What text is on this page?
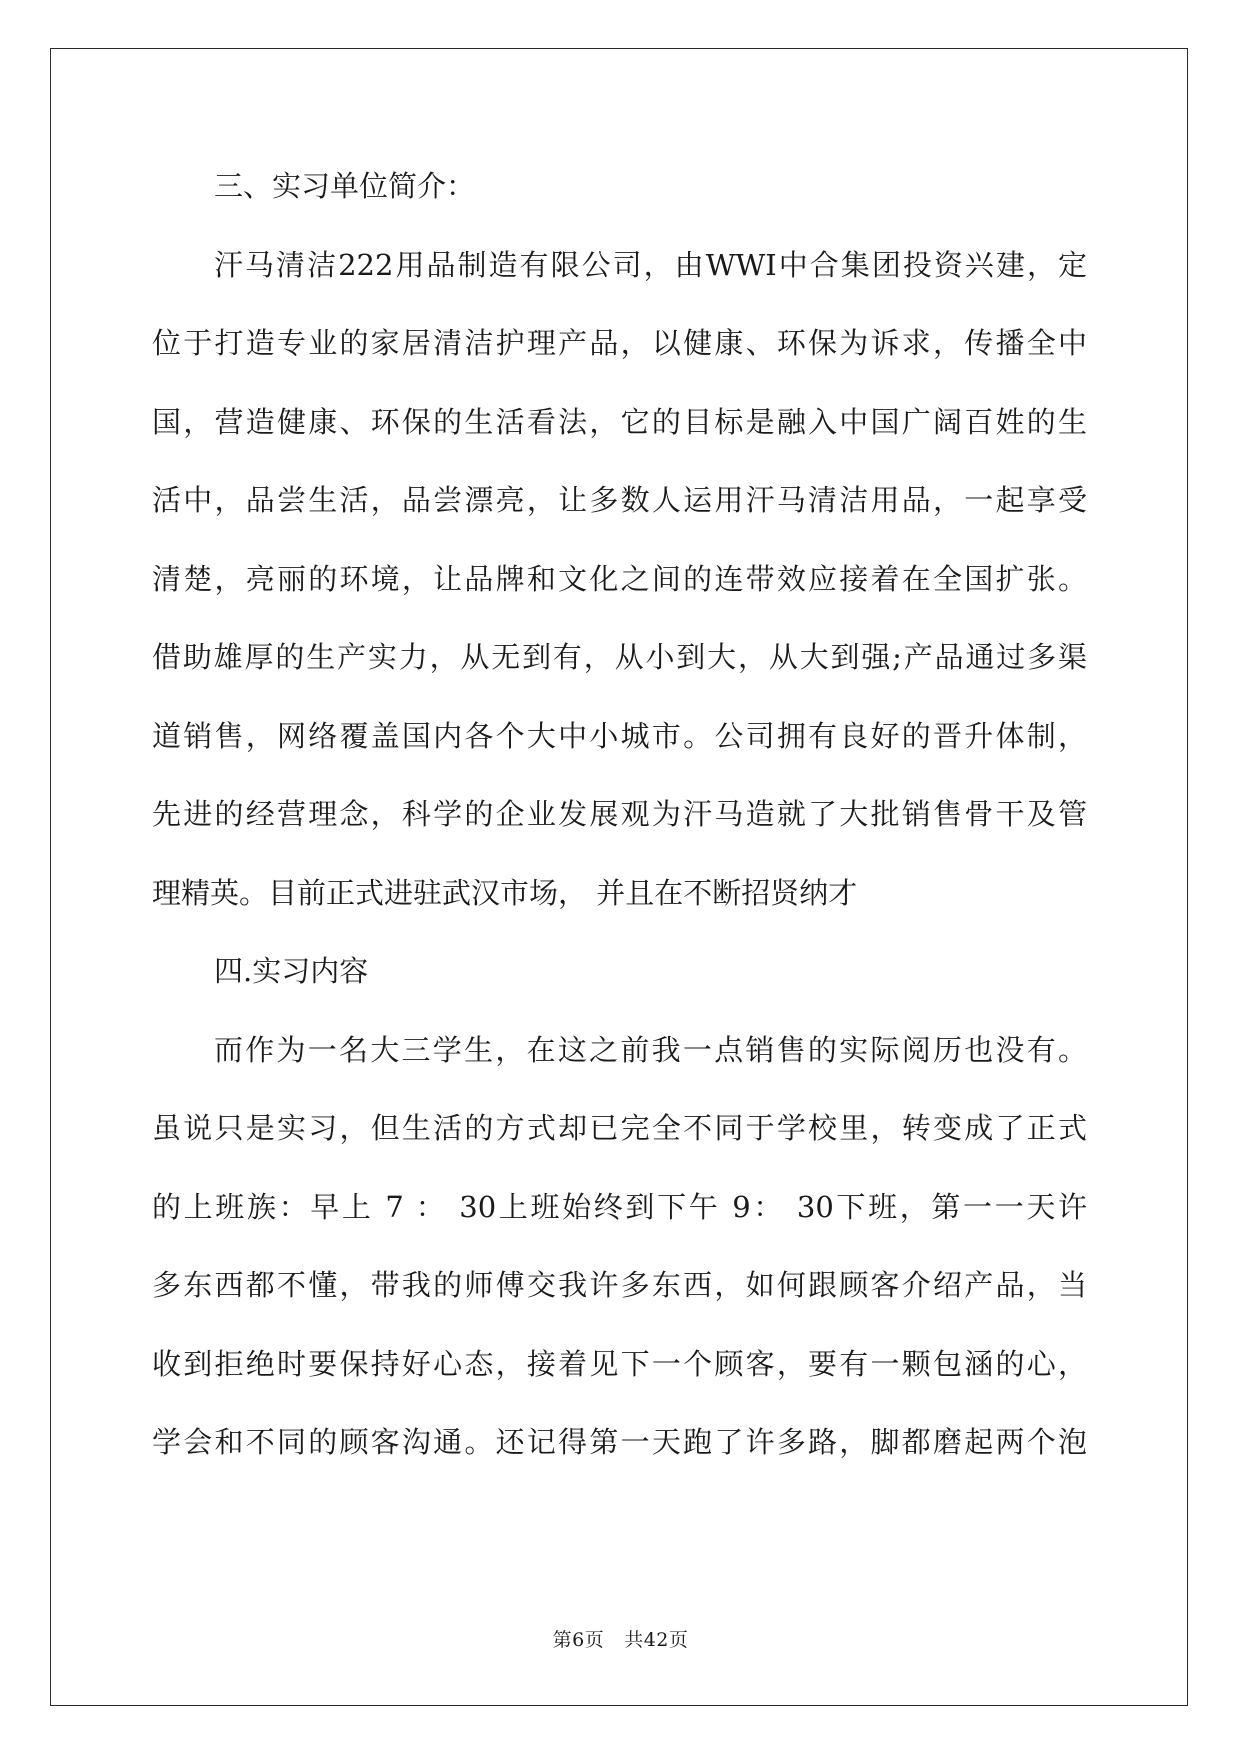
三、实习单位简介：
汗马清洁222用品制造有限公司，由WWI中合集团投资兴建，定
位于打造专业的家居清洁护理产品，以健康、环保为诉求，传播全中
国，营造健康、环保的生活看法，它的目标是融入中国广阔百姓的生
活中，品尝生活，品尝漂亮，让多数人运用汗马清洁用品，一起享受
清楚，亮丽的环境，让品牌和文化之间的连带效应接着在全国扩张。
借助雄厚的生产实力，从无到有，从小到大，从大到强;产品通过多渠
道销售，网络覆盖国内各个大中小城市。公司拥有良好的晋升体制，
先进的经营理念，科学的企业发展观为汗马造就了大批销售骨干及管
理精英。目前正式进驻武汉市场， 并且在不断招贤纳才
四.实习内容
而作为一名大三学生，在这之前我一点销售的实际阅历也没有。
虽说只是实习，但生活的方式却已完全不同于学校里，转变成了正式
的上班族：早上 7 ： 30上班始终到下午 9： 30下班，第一一天许
多东西都不懂，带我的师傅交我许多东西，如何跟顾客介绍产品，当
收到拒绝时要保持好心态，接着见下一个顾客，要有一颗包涵的心，
学会和不同的顾客沟通。还记得第一天跑了许多路，脚都磨起两个泡
第6页 共42页
